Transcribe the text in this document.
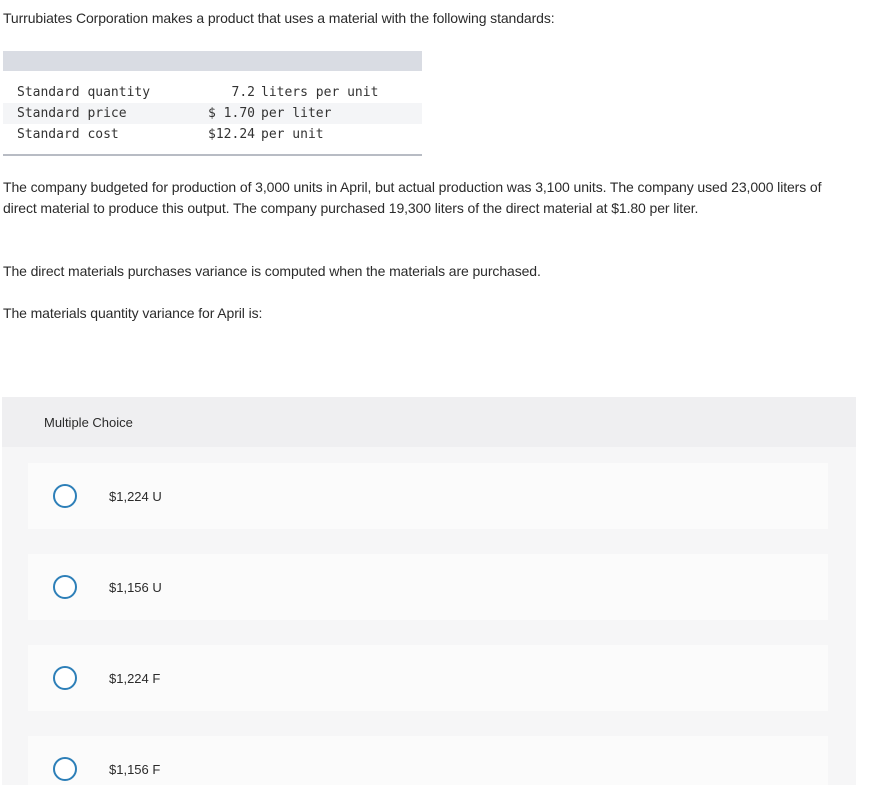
Turrubiates Corporation makes a product that uses a material with the following standards:

Standard quantity	7.2 liters per unit
Standard price	$ 1.70 per liter
Standard cost	$12.24 per unit

The company budgeted for production of 3,000 units in April, but actual production was 3,100 units. The company used 23,000 liters of direct material to produce this output. The company purchased 19,300 liters of the direct material at $1.80 per liter.

The direct materials purchases variance is computed when the materials are purchased.

The materials quantity variance for April is:

Multiple Choice
$1,224 U
$1,156 U
$1,224 F
$1,156 F
